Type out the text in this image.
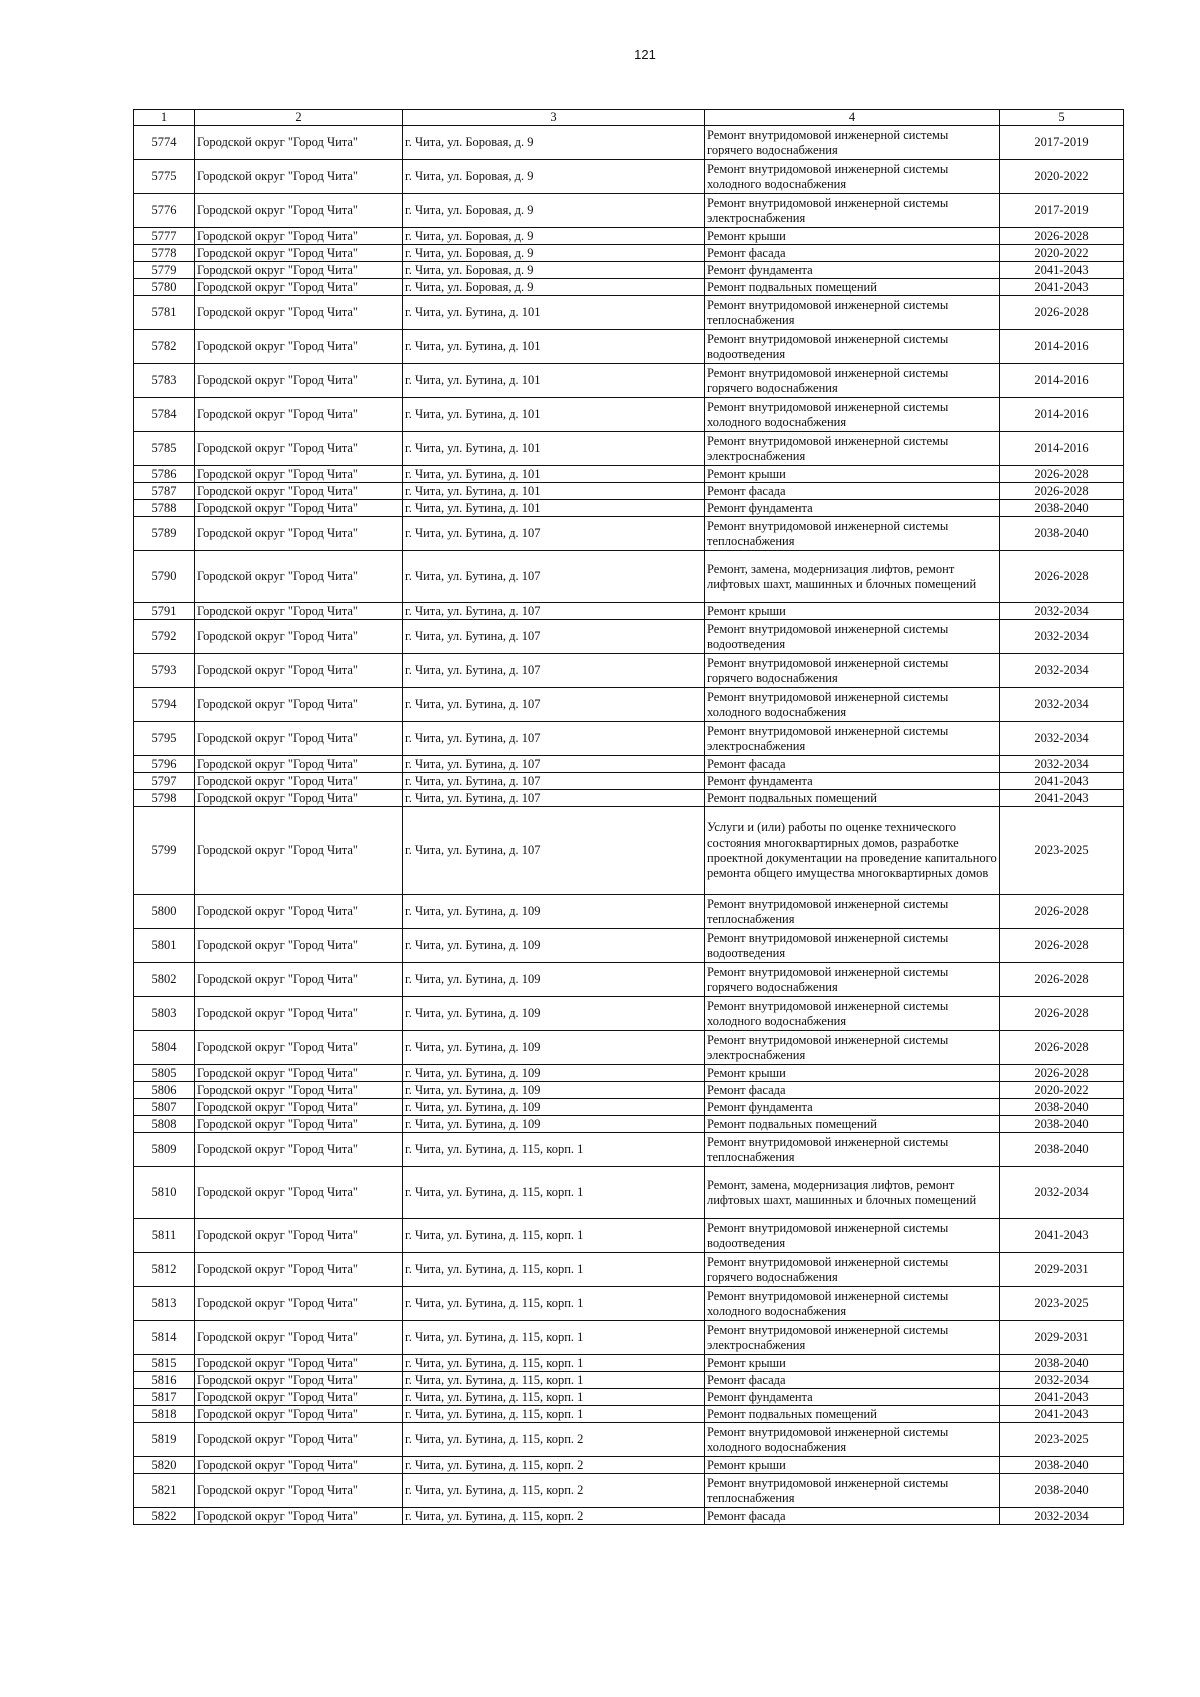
121
1	2	3	4	5
5774	Городской округ "Город Чита"	г. Чита, ул. Боровая, д. 9	Ремонт внутридомовой инженерной системы горячего водоснабжения	2017-2019
5775	Городской округ "Город Чита"	г. Чита, ул. Боровая, д. 9	Ремонт внутридомовой инженерной системы холодного водоснабжения	2020-2022
5776	Городской округ "Город Чита"	г. Чита, ул. Боровая, д. 9	Ремонт внутридомовой инженерной системы электроснабжения	2017-2019
5777	Городской округ "Город Чита"	г. Чита, ул. Боровая, д. 9	Ремонт крыши	2026-2028
5778	Городской округ "Город Чита"	г. Чита, ул. Боровая, д. 9	Ремонт фасада	2020-2022
5779	Городской округ "Город Чита"	г. Чита, ул. Боровая, д. 9	Ремонт фундамента	2041-2043
5780	Городской округ "Город Чита"	г. Чита, ул. Боровая, д. 9	Ремонт подвальных помещений	2041-2043
5781	Городской округ "Город Чита"	г. Чита, ул. Бутина, д. 101	Ремонт внутридомовой инженерной системы теплоснабжения	2026-2028
5782	Городской округ "Город Чита"	г. Чита, ул. Бутина, д. 101	Ремонт внутридомовой инженерной системы водоотведения	2014-2016
5783	Городской округ "Город Чита"	г. Чита, ул. Бутина, д. 101	Ремонт внутридомовой инженерной системы горячего водоснабжения	2014-2016
5784	Городской округ "Город Чита"	г. Чита, ул. Бутина, д. 101	Ремонт внутридомовой инженерной системы холодного водоснабжения	2014-2016
5785	Городской округ "Город Чита"	г. Чита, ул. Бутина, д. 101	Ремонт внутридомовой инженерной системы электроснабжения	2014-2016
5786	Городской округ "Город Чита"	г. Чита, ул. Бутина, д. 101	Ремонт крыши	2026-2028
5787	Городской округ "Город Чита"	г. Чита, ул. Бутина, д. 101	Ремонт фасада	2026-2028
5788	Городской округ "Город Чита"	г. Чита, ул. Бутина, д. 101	Ремонт фундамента	2038-2040
5789	Городской округ "Город Чита"	г. Чита, ул. Бутина, д. 107	Ремонт внутридомовой инженерной системы теплоснабжения	2038-2040
5790	Городской округ "Город Чита"	г. Чита, ул. Бутина, д. 107	Ремонт, замена, модернизация лифтов, ремонт лифтовых шахт, машинных и блочных помещений	2026-2028
5791	Городской округ "Город Чита"	г. Чита, ул. Бутина, д. 107	Ремонт крыши	2032-2034
5792	Городской округ "Город Чита"	г. Чита, ул. Бутина, д. 107	Ремонт внутридомовой инженерной системы водоотведения	2032-2034
5793	Городской округ "Город Чита"	г. Чита, ул. Бутина, д. 107	Ремонт внутридомовой инженерной системы горячего водоснабжения	2032-2034
5794	Городской округ "Город Чита"	г. Чита, ул. Бутина, д. 107	Ремонт внутридомовой инженерной системы холодного водоснабжения	2032-2034
5795	Городской округ "Город Чита"	г. Чита, ул. Бутина, д. 107	Ремонт внутридомовой инженерной системы электроснабжения	2032-2034
5796	Городской округ "Город Чита"	г. Чита, ул. Бутина, д. 107	Ремонт фасада	2032-2034
5797	Городской округ "Город Чита"	г. Чита, ул. Бутина, д. 107	Ремонт фундамента	2041-2043
5798	Городской округ "Город Чита"	г. Чита, ул. Бутина, д. 107	Ремонт подвальных помещений	2041-2043
5799	Городской округ "Город Чита"	г. Чита, ул. Бутина, д. 107	Услуги и (или) работы по оценке технического состояния многоквартирных домов, разработке проектной документации на проведение капитального ремонта общего имущества многоквартирных домов	2023-2025
5800	Городской округ "Город Чита"	г. Чита, ул. Бутина, д. 109	Ремонт внутридомовой инженерной системы теплоснабжения	2026-2028
5801	Городской округ "Город Чита"	г. Чита, ул. Бутина, д. 109	Ремонт внутридомовой инженерной системы водоотведения	2026-2028
5802	Городской округ "Город Чита"	г. Чита, ул. Бутина, д. 109	Ремонт внутридомовой инженерной системы горячего водоснабжения	2026-2028
5803	Городской округ "Город Чита"	г. Чита, ул. Бутина, д. 109	Ремонт внутридомовой инженерной системы холодного водоснабжения	2026-2028
5804	Городской округ "Город Чита"	г. Чита, ул. Бутина, д. 109	Ремонт внутридомовой инженерной системы электроснабжения	2026-2028
5805	Городской округ "Город Чита"	г. Чита, ул. Бутина, д. 109	Ремонт крыши	2026-2028
5806	Городской округ "Город Чита"	г. Чита, ул. Бутина, д. 109	Ремонт фасада	2020-2022
5807	Городской округ "Город Чита"	г. Чита, ул. Бутина, д. 109	Ремонт фундамента	2038-2040
5808	Городской округ "Город Чита"	г. Чита, ул. Бутина, д. 109	Ремонт подвальных помещений	2038-2040
5809	Городской округ "Город Чита"	г. Чита, ул. Бутина, д. 115, корп. 1	Ремонт внутридомовой инженерной системы теплоснабжения	2038-2040
5810	Городской округ "Город Чита"	г. Чита, ул. Бутина, д. 115, корп. 1	Ремонт, замена, модернизация лифтов, ремонт лифтовых шахт, машинных и блочных помещений	2032-2034
5811	Городской округ "Город Чита"	г. Чита, ул. Бутина, д. 115, корп. 1	Ремонт внутридомовой инженерной системы водоотведения	2041-2043
5812	Городской округ "Город Чита"	г. Чита, ул. Бутина, д. 115, корп. 1	Ремонт внутридомовой инженерной системы горячего водоснабжения	2029-2031
5813	Городской округ "Город Чита"	г. Чита, ул. Бутина, д. 115, корп. 1	Ремонт внутридомовой инженерной системы холодного водоснабжения	2023-2025
5814	Городской округ "Город Чита"	г. Чита, ул. Бутина, д. 115, корп. 1	Ремонт внутридомовой инженерной системы электроснабжения	2029-2031
5815	Городской округ "Город Чита"	г. Чита, ул. Бутина, д. 115, корп. 1	Ремонт крыши	2038-2040
5816	Городской округ "Город Чита"	г. Чита, ул. Бутина, д. 115, корп. 1	Ремонт фасада	2032-2034
5817	Городской округ "Город Чита"	г. Чита, ул. Бутина, д. 115, корп. 1	Ремонт фундамента	2041-2043
5818	Городской округ "Город Чита"	г. Чита, ул. Бутина, д. 115, корп. 1	Ремонт подвальных помещений	2041-2043
5819	Городской округ "Город Чита"	г. Чита, ул. Бутина, д. 115, корп. 2	Ремонт внутридомовой инженерной системы холодного водоснабжения	2023-2025
5820	Городской округ "Город Чита"	г. Чита, ул. Бутина, д. 115, корп. 2	Ремонт крыши	2038-2040
5821	Городской округ "Город Чита"	г. Чита, ул. Бутина, д. 115, корп. 2	Ремонт внутридомовой инженерной системы теплоснабжения	2038-2040
5822	Городской округ "Город Чита"	г. Чита, ул. Бутина, д. 115, корп. 2	Ремонт фасада	2032-2034
